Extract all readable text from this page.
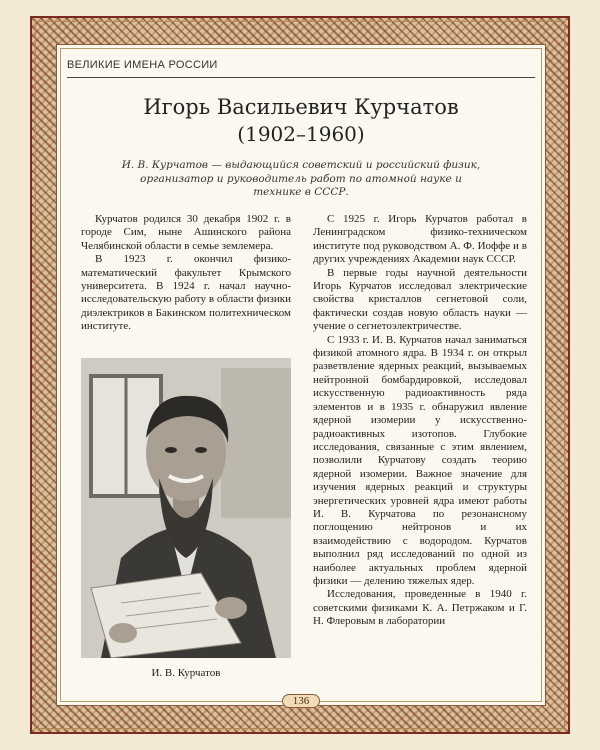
ВЕЛИКИЕ ИМЕНА РОССИИ
Игорь Васильевич Курчатов
(1902–1960)
И. В. Курчатов — выдающийся советский и российский физик, организатор и руководитель работ по атомной науке и технике в СССР.

Курчатов родился 30 декабря 1902 г. в городе Сим, ныне Ашинского района Челябинской области в семье землемера.

В 1923 г. окончил физико-математический факультет Крымского университета. В 1924 г. начал научно-исследовательскую работу в области физики диэлектриков в Бакинском политехническом институте.

И. В. Курчатов

С 1925 г. Игорь Курчатов работал в Ленинградском физико-техническом институте под руководством А. Ф. Иоффе и в других учреждениях Академии наук СССР.

В первые годы научной деятельности Игорь Курчатов исследовал электрические свойства кристаллов сегнетовой соли, фактически создав новую область науки — учение о сегнетоэлектричестве.

С 1933 г. И. В. Курчатов начал заниматься физикой атомного ядра. В 1934 г. он открыл разветвление ядерных реакций, вызываемых нейтронной бомбардировкой, исследовал искусственную радиоактивность ряда элементов и в 1935 г. обнаружил явление ядерной изомерии у искусственно-радиоактивных изотопов. Глубокие исследования, связанные с этим явлением, позволили Курчатову создать теорию ядерной изомерии. Важное значение для изучения ядерных реакций и структуры энергетических уровней ядра имеют работы И. В. Курчатова по резонансному поглощению нейтронов и их взаимодействию с водородом. Курчатов выполнил ряд исследований по одной из наиболее актуальных проблем ядерной физики — делению тяжелых ядер.

Исследования, проведенные в 1940 г. советскими физиками К. А. Петржаком и Г. Н. Флеровым в лаборатории

136
